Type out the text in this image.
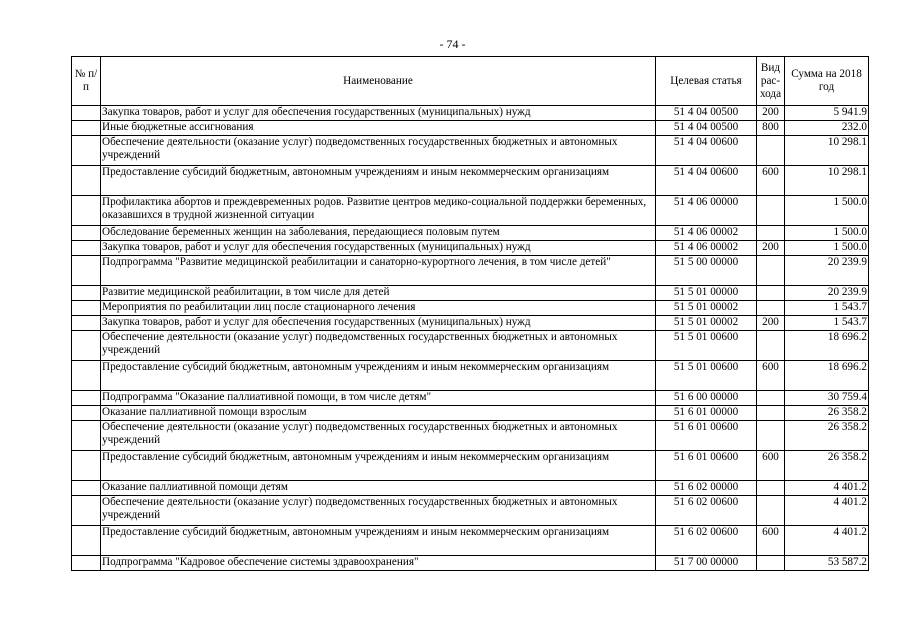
- 74 -
№ п/п	Наименование	Целевая статья	Вид рас- хода	Сумма на 2018 год
	Закупка товаров, работ и услуг для обеспечения государственных (муниципальных) нужд	51 4 04 00500	200	5 941.9
	Иные бюджетные ассигнования	51 4 04 00500	800	232.0
	Обеспечение деятельности (оказание услуг) подведомственных государственных бюджетных и автономных учреждений	51 4 04 00600		10 298.1
	Предоставление субсидий бюджетным, автономным учреждениям и иным некоммерческим организациям	51 4 04 00600	600	10 298.1
	Профилактика абортов и преждевременных родов. Развитие центров медико-социальной поддержки беременных, оказавшихся в трудной жизненной ситуации	51 4 06 00000		1 500.0
	Обследование беременных женщин на заболевания, передающиеся половым путем	51 4 06 00002		1 500.0
	Закупка товаров, работ и услуг для обеспечения государственных (муниципальных) нужд	51 4 06 00002	200	1 500.0
	Подпрограмма "Развитие медицинской реабилитации и санаторно-курортного лечения, в том числе детей"	51 5 00 00000		20 239.9
	Развитие медицинской реабилитации, в том числе для детей	51 5 01 00000		20 239.9
	Мероприятия по реабилитации лиц после стационарного лечения	51 5 01 00002		1 543.7
	Закупка товаров, работ и услуг для обеспечения государственных (муниципальных) нужд	51 5 01 00002	200	1 543.7
	Обеспечение деятельности (оказание услуг) подведомственных государственных бюджетных и автономных учреждений	51 5 01 00600		18 696.2
	Предоставление субсидий бюджетным, автономным учреждениям и иным некоммерческим организациям	51 5 01 00600	600	18 696.2
	Подпрограмма "Оказание паллиативной помощи, в том числе детям"	51 6 00 00000		30 759.4
	Оказание паллиативной помощи взрослым	51 6 01 00000		26 358.2
	Обеспечение деятельности (оказание услуг) подведомственных государственных бюджетных и автономных учреждений	51 6 01 00600		26 358.2
	Предоставление субсидий бюджетным, автономным учреждениям и иным некоммерческим организациям	51 6 01 00600	600	26 358.2
	Оказание паллиативной помощи детям	51 6 02 00000		4 401.2
	Обеспечение деятельности (оказание услуг) подведомственных государственных бюджетных и автономных учреждений	51 6 02 00600		4 401.2
	Предоставление субсидий бюджетным, автономным учреждениям и иным некоммерческим организациям	51 6 02 00600	600	4 401.2
	Подпрограмма "Кадровое обеспечение системы здравоохранения"	51 7 00 00000		53 587.2
